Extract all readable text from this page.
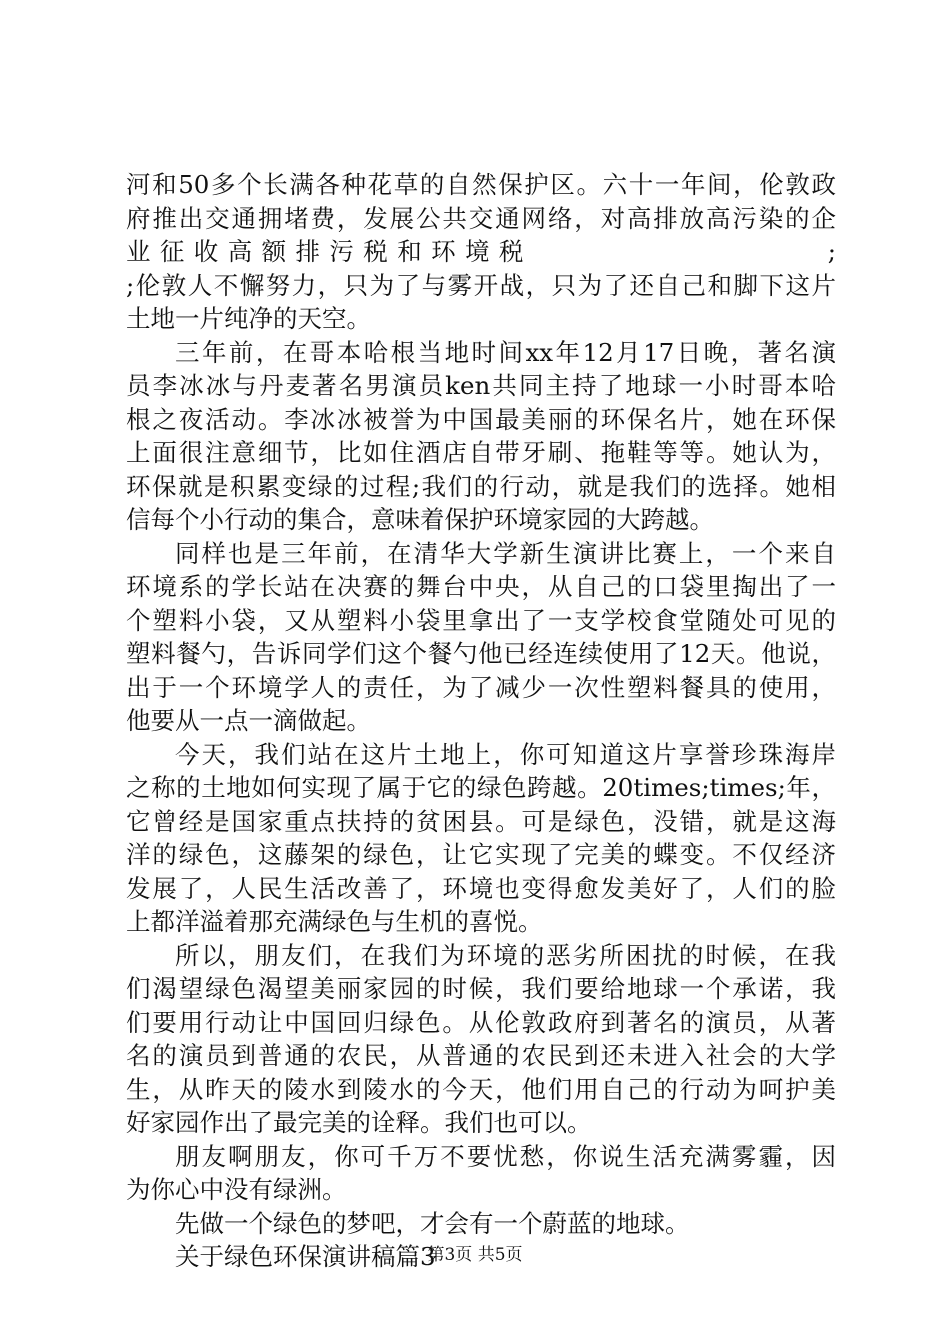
河和50多个长满各种花草的自然保护区。六十一年间，伦敦政
府推出交通拥堵费，发展公共交通网络，对高排放高污染的企
业征收高额排污税和环境税	;
;伦敦人不懈努力，只为了与雾开战，只为了还自己和脚下这片
土地一片纯净的天空。
三年前，在哥本哈根当地时间xx年12月17日晚，著名演
员李冰冰与丹麦著名男演员ken共同主持了地球一小时哥本哈
根之夜活动。李冰冰被誉为中国最美丽的环保名片，她在环保
上面很注意细节，比如住酒店自带牙刷、拖鞋等等。她认为，
环保就是积累变绿的过程;我们的行动，就是我们的选择。她相
信每个小行动的集合，意味着保护环境家园的大跨越。
同样也是三年前，在清华大学新生演讲比赛上，一个来自
环境系的学长站在决赛的舞台中央，从自己的口袋里掏出了一
个塑料小袋，又从塑料小袋里拿出了一支学校食堂随处可见的
塑料餐勺，告诉同学们这个餐勺他已经连续使用了12天。他说，
出于一个环境学人的责任，为了减少一次性塑料餐具的使用，
他要从一点一滴做起。
今天，我们站在这片土地上，你可知道这片享誉珍珠海岸
之称的土地如何实现了属于它的绿色跨越。20times;times;年，
它曾经是国家重点扶持的贫困县。可是绿色，没错，就是这海
洋的绿色，这藤架的绿色，让它实现了完美的蝶变。不仅经济
发展了，人民生活改善了，环境也变得愈发美好了，人们的脸
上都洋溢着那充满绿色与生机的喜悦。
所以，朋友们，在我们为环境的恶劣所困扰的时候，在我
们渴望绿色渴望美丽家园的时候，我们要给地球一个承诺，我
们要用行动让中国回归绿色。从伦敦政府到著名的演员，从著
名的演员到普通的农民，从普通的农民到还未进入社会的大学
生，从昨天的陵水到陵水的今天，他们用自己的行动为呵护美
好家园作出了最完美的诠释。我们也可以。
朋友啊朋友，你可千万不要忧愁，你说生活充满雾霾，因
为你心中没有绿洲。
先做一个绿色的梦吧，才会有一个蔚蓝的地球。
关于绿色环保演讲稿篇3
第3页 共5页
